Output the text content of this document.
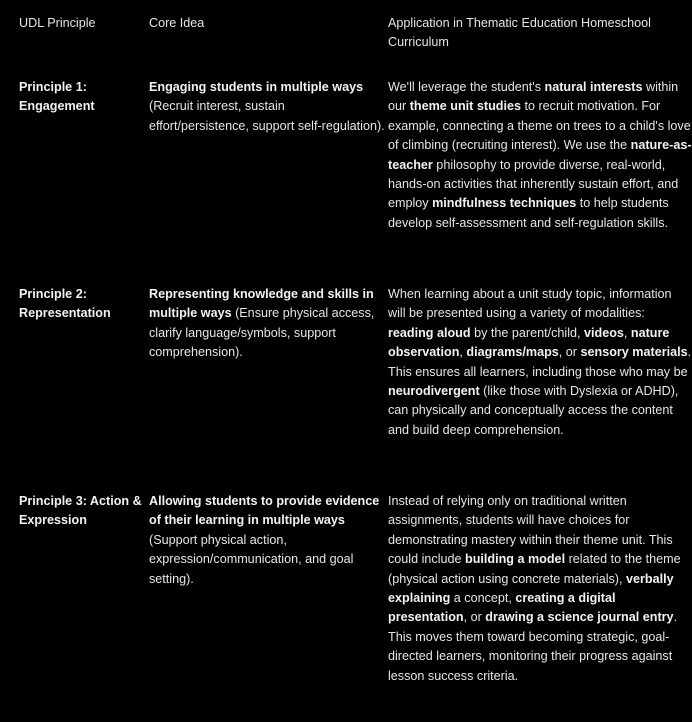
UDL Principle	Core Idea	Application in Thematic Education Homeschool Curriculum
Principle 1: Engagement
Engaging students in multiple ways (Recruit interest, sustain effort/persistence, support self-regulation).
We'll leverage the student's natural interests within our theme unit studies to recruit motivation. For example, connecting a theme on trees to a child's love of climbing (recruiting interest). We use the nature-as-teacher philosophy to provide diverse, real-world, hands-on activities that inherently sustain effort, and employ mindfulness techniques to help students develop self-assessment and self-regulation skills.
Principle 2: Representation
Representing knowledge and skills in multiple ways (Ensure physical access, clarify language/symbols, support comprehension).
When learning about a unit study topic, information will be presented using a variety of modalities: reading aloud by the parent/child, videos, nature observation, diagrams/maps, or sensory materials. This ensures all learners, including those who may be neurodivergent (like those with Dyslexia or ADHD), can physically and conceptually access the content and build deep comprehension.
Principle 3: Action & Expression
Allowing students to provide evidence of their learning in multiple ways (Support physical action, expression/communication, and goal setting).
Instead of relying only on traditional written assignments, students will have choices for demonstrating mastery within their theme unit. This could include building a model related to the theme (physical action using concrete materials), verbally explaining a concept, creating a digital presentation, or drawing a science journal entry. This moves them toward becoming strategic, goal-directed learners, monitoring their progress against lesson success criteria.
